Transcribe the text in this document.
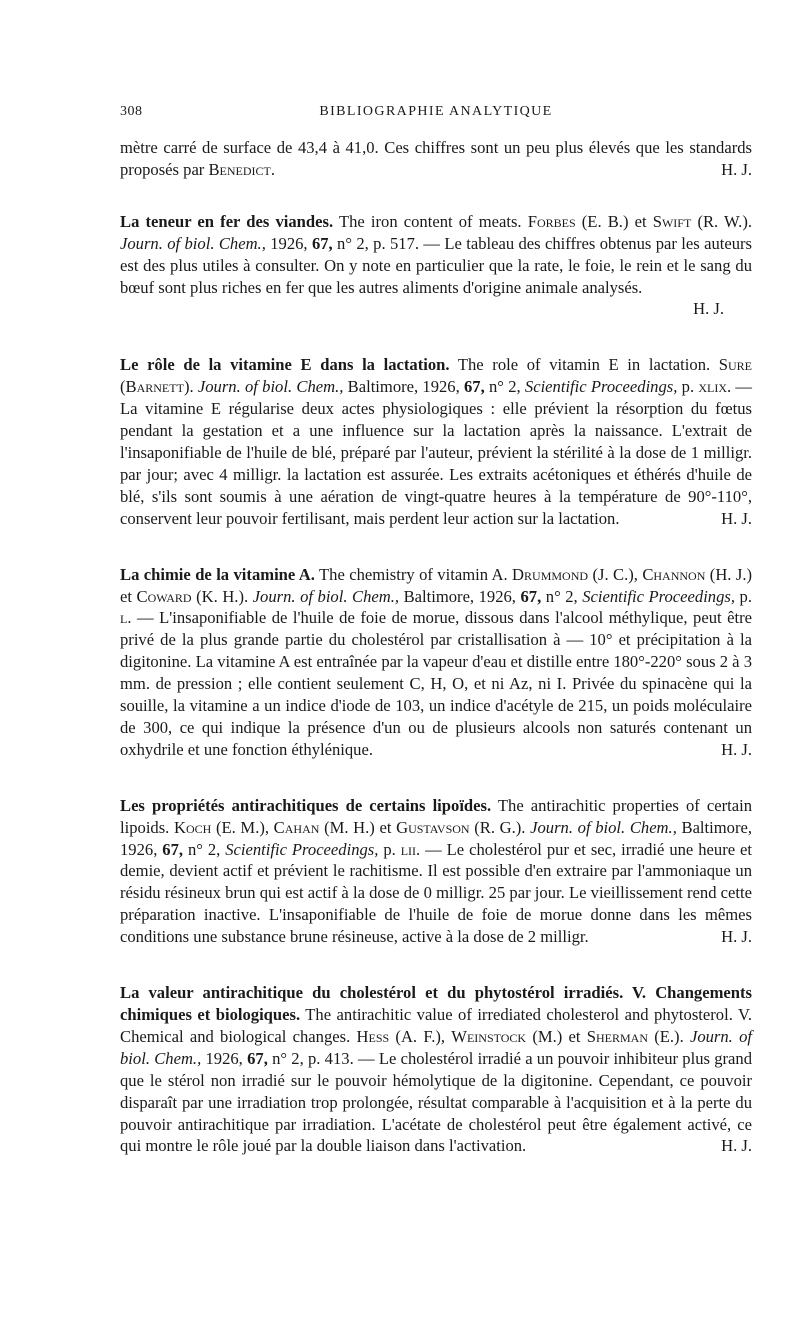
308	BIBLIOGRAPHIE ANALYTIQUE

mètre carré de surface de 43,4 à 41,0. Ces chiffres sont un peu plus élevés que les standards proposés par Benedict.	H. J.

La teneur en fer des viandes. The iron content of meats. Forbes (E. B.) et Swift (R. W.). Journ. of biol. Chem., 1926, 67, n° 2, p. 517. — Le tableau des chiffres obtenus par les auteurs est des plus utiles à consulter. On y note en particulier que la rate, le foie, le rein et le sang du bœuf sont plus riches en fer que les autres aliments d'origine animale analysés.
H. J.

Le rôle de la vitamine E dans la lactation. The role of vitamin E in lactation. Sure (Barnett). Journ. of biol. Chem., Baltimore, 1926, 67, n° 2, Scientific Proceedings, p. xlix. — La vitamine E régularise deux actes physiologiques : elle prévient la résorption du fœtus pendant la gestation et a une influence sur la lactation après la naissance. L'extrait de l'insaponifiable de l'huile de blé, préparé par l'auteur, prévient la stérilité à la dose de 1 milligr. par jour; avec 4 milligr. la lactation est assurée. Les extraits acétoniques et éthérés d'huile de blé, s'ils sont soumis à une aération de vingt-quatre heures à la température de 90°-110°, conservent leur pouvoir fertilisant, mais perdent leur action sur la lactation.	H. J.

La chimie de la vitamine A. The chemistry of vitamin A. Drummond (J. C.), Channon (H. J.) et Coward (K. H.). Journ. of biol. Chem., Baltimore, 1926, 67, n° 2, Scientific Proceedings, p. l. — L'insaponifiable de l'huile de foie de morue, dissous dans l'alcool méthylique, peut être privé de la plus grande partie du cholestérol par cristallisation à — 10° et précipitation à la digitonine. La vitamine A est entraînée par la vapeur d'eau et distille entre 180°-220° sous 2 à 3 mm. de pression ; elle contient seulement C, H, O, et ni Az, ni I. Privée du spinacène qui la souille, la vitamine a un indice d'iode de 103, un indice d'acétyle de 215, un poids moléculaire de 300, ce qui indique la présence d'un ou de plusieurs alcools non saturés contenant un oxhydrile et une fonction éthylénique.	H. J.

Les propriétés antirachitiques de certains lipoïdes. The antirachitic properties of certain lipoids. Koch (E. M.), Cahan (M. H.) et Gustavson (R. G.). Journ. of biol. Chem., Baltimore, 1926, 67, n° 2, Scientific Proceedings, p. lii. — Le cholestérol pur et sec, irradié une heure et demie, devient actif et prévient le rachitisme. Il est possible d'en extraire par l'ammoniaque un résidu résineux brun qui est actif à la dose de 0 milligr. 25 par jour. Le vieillissement rend cette préparation inactive. L'insaponifiable de l'huile de foie de morue donne dans les mêmes conditions une substance brune résineuse, active à la dose de 2 milligr.	H. J.

La valeur antirachitique du cholestérol et du phytostérol irradiés. V. Changements chimiques et biologiques. The antirachitic value of irrediated cholesterol and phytosterol. V. Chemical and biological changes. Hess (A. F.), Weinstock (M.) et Sherman (E.). Journ. of biol. Chem., 1926, 67, n° 2, p. 413. — Le cholestérol irradié a un pouvoir inhibiteur plus grand que le stérol non irradié sur le pouvoir hémolytique de la digitonine. Cependant, ce pouvoir disparaît par une irradiation trop prolongée, résultat comparable à l'acquisition et à la perte du pouvoir antirachitique par irradiation. L'acétate de cholestérol peut être également activé, ce qui montre le rôle joué par la double liaison dans l'activation.	H. J.
